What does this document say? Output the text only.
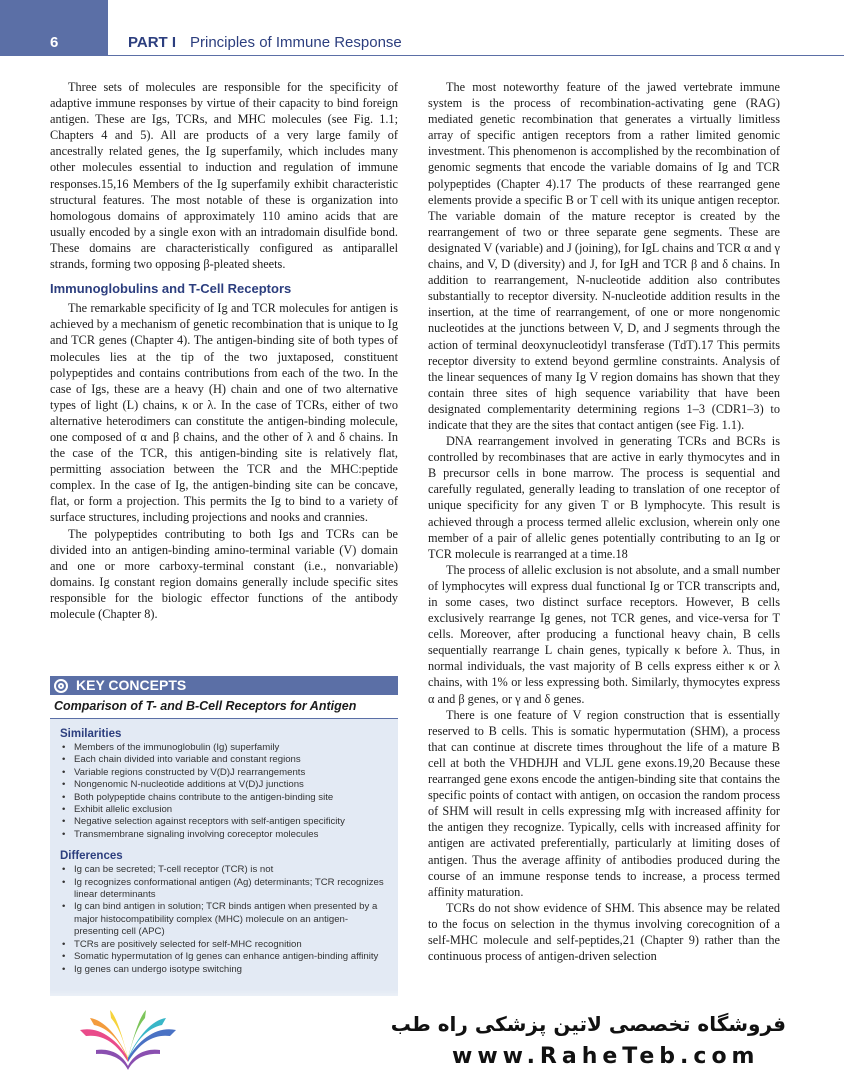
6	PART I Principles of Immune Response

Three sets of molecules are responsible for the specificity of adaptive immune responses by virtue of their capacity to bind foreign antigen. These are Igs, TCRs, and MHC molecules (see Fig. 1.1; Chapters 4 and 5). All are products of a very large family of ancestrally related genes, the Ig superfamily, which includes many other molecules essential to induction and regulation of immune responses.15,16 Members of the Ig superfamily exhibit characteristic structural features. The most notable of these is organization into homologous domains of approximately 110 amino acids that are usually encoded by a single exon with an intradomain disulfide bond. These domains are characteristically configured as antiparallel strands, forming two opposing β-pleated sheets.

Immunoglobulins and T-Cell Receptors

The remarkable specificity of Ig and TCR molecules for antigen is achieved by a mechanism of genetic recombination that is unique to Ig and TCR genes (Chapter 4). The antigen-binding site of both types of molecules lies at the tip of the two juxtaposed, constituent polypeptides and contains contributions from each of the two. In the case of Igs, these are a heavy (H) chain and one of two alternative types of light (L) chains, κ or λ. In the case of TCRs, either of two alternative heterodimers can constitute the antigen-binding molecule, one composed of α and β chains, and the other of λ and δ chains. In the case of the TCR, this antigen-binding site is relatively flat, permitting association between the TCR and the MHC:peptide complex. In the case of Ig, the antigen-binding site can be concave, flat, or form a projection. This permits the Ig to bind to a variety of surface structures, including projections and nooks and crannies.

The polypeptides contributing to both Igs and TCRs can be divided into an antigen-binding amino-terminal variable (V) domain and one or more carboxy-terminal constant (i.e., nonvariable) domains. Ig constant region domains generally include specific sites responsible for the biologic effector functions of the antibody molecule (Chapter 8).

KEY CONCEPTS
Comparison of T- and B-Cell Receptors for Antigen
Similarities
• Members of the immunoglobulin (Ig) superfamily
• Each chain divided into variable and constant regions
• Variable regions constructed by V(D)J rearrangements
• Nongenomic N-nucleotide additions at V(D)J junctions
• Both polypeptide chains contribute to the antigen-binding site
• Exhibit allelic exclusion
• Negative selection against receptors with self-antigen specificity
• Transmembrane signaling involving coreceptor molecules
Differences
• Ig can be secreted; T-cell receptor (TCR) is not
• Ig recognizes conformational antigen (Ag) determinants; TCR recognizes linear determinants
• Ig can bind antigen in solution; TCR binds antigen when presented by a major histocompatibility complex (MHC) molecule on an antigen-presenting cell (APC)
• TCRs are positively selected for self-MHC recognition
• Somatic hypermutation of Ig genes can enhance antigen-binding affinity
• Ig genes can undergo isotype switching

The most noteworthy feature of the jawed vertebrate immune system is the process of recombination-activating gene (RAG) mediated genetic recombination that generates a virtually limitless array of specific antigen receptors from a rather limited genomic investment. This phenomenon is accomplished by the recombination of genomic segments that encode the variable domains of Ig and TCR polypeptides (Chapter 4).17 The products of these rearranged gene elements provide a specific B or T cell with its unique antigen receptor. The variable domain of the mature receptor is created by the rearrangement of two or three separate gene segments. These are designated V (variable) and J (joining), for IgL chains and TCR α and γ chains, and V, D (diversity) and J, for IgH and TCR β and δ chains. In addition to rearrangement, N-nucleotide addition also contributes substantially to receptor diversity. N-nucleotide addition results in the insertion, at the time of rearrangement, of one or more nongenomic nucleotides at the junctions between V, D, and J segments through the action of terminal deoxynucleotidyl transferase (TdT).17 This permits receptor diversity to extend beyond germline constraints. Analysis of the linear sequences of many Ig V region domains has shown that they contain three sites of high sequence variability that have been designated complementarity determining regions 1–3 (CDR1–3) to indicate that they are the sites that contact antigen (see Fig. 1.1).

DNA rearrangement involved in generating TCRs and BCRs is controlled by recombinases that are active in early thymocytes and in B precursor cells in bone marrow. The process is sequential and carefully regulated, generally leading to translation of one receptor of unique specificity for any given T or B lymphocyte. This result is achieved through a process termed allelic exclusion, wherein only one member of a pair of allelic genes potentially contributing to an Ig or TCR molecule is rearranged at a time.18

The process of allelic exclusion is not absolute, and a small number of lymphocytes will express dual functional Ig or TCR transcripts and, in some cases, two distinct surface receptors. However, B cells exclusively rearrange Ig genes, not TCR genes, and vice-versa for T cells. Moreover, after producing a functional heavy chain, B cells sequentially rearrange L chain genes, typically κ before λ. Thus, in normal individuals, the vast majority of B cells express either κ or λ chains, with 1% or less expressing both. Similarly, thymocytes express α and β genes, or γ and δ genes.

There is one feature of V region construction that is essentially reserved to B cells. This is somatic hypermutation (SHM), a process that can continue at discrete times throughout the life of a mature B cell at both the VHDHJH and VLJL gene exons.19,20 Because these rearranged gene exons encode the antigen-binding site that contains the specific points of contact with antigen, on occasion the random process of SHM will result in cells expressing mIg with increased affinity for the antigen they recognize. Typically, cells with increased affinity for antigen are activated preferentially, particularly at limiting doses of antigen. Thus the average affinity of antibodies produced during the course of an immune response tends to increase, a process termed affinity maturation.

TCRs do not show evidence of SHM. This absence may be related to the focus on selection in the thymus involving corecognition of a self-MHC molecule and self-peptides,21 (Chapter 9) rather than the continuous process of antigen-driven selection

فروشگاه تخصصی لاتین پزشکی راه طب
www.RaheTeb.com
